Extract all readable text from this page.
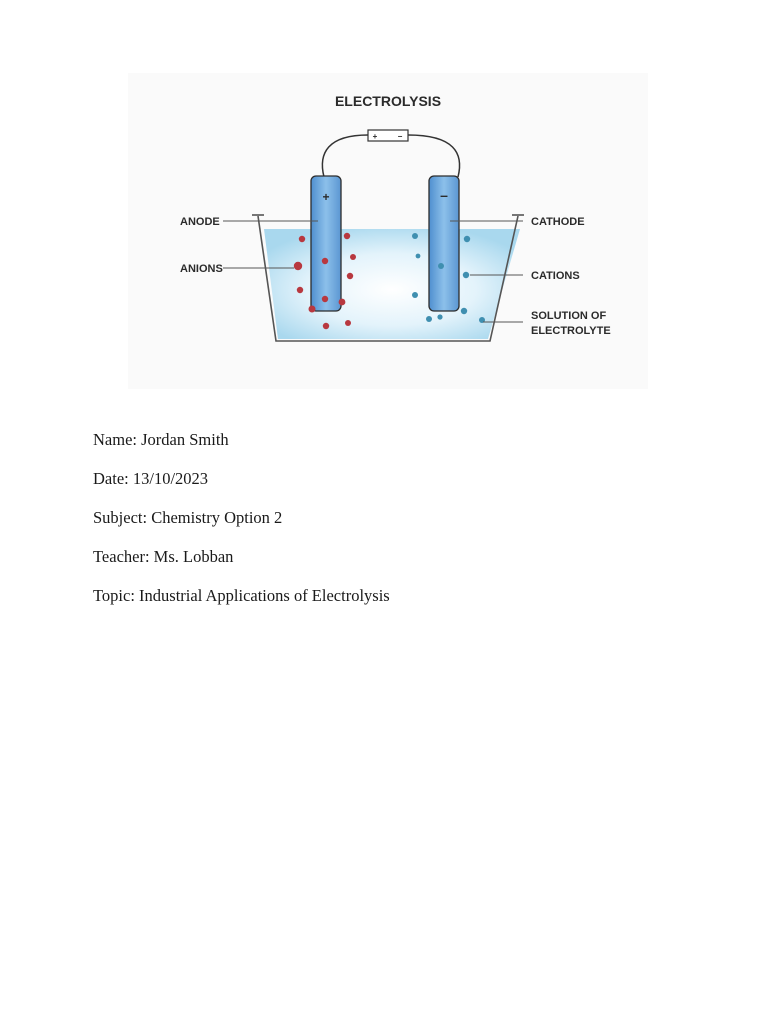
ELECTROLYSIS
+	−
+	–
ANODE
ANIONS
CATHODE
CATIONS
SOLUTION OF
ELECTROLYTE

Name: Jordan Smith

Date: 13/10/2023

Subject: Chemistry Option 2

Teacher: Ms. Lobban

Topic: Industrial Applications of Electrolysis
